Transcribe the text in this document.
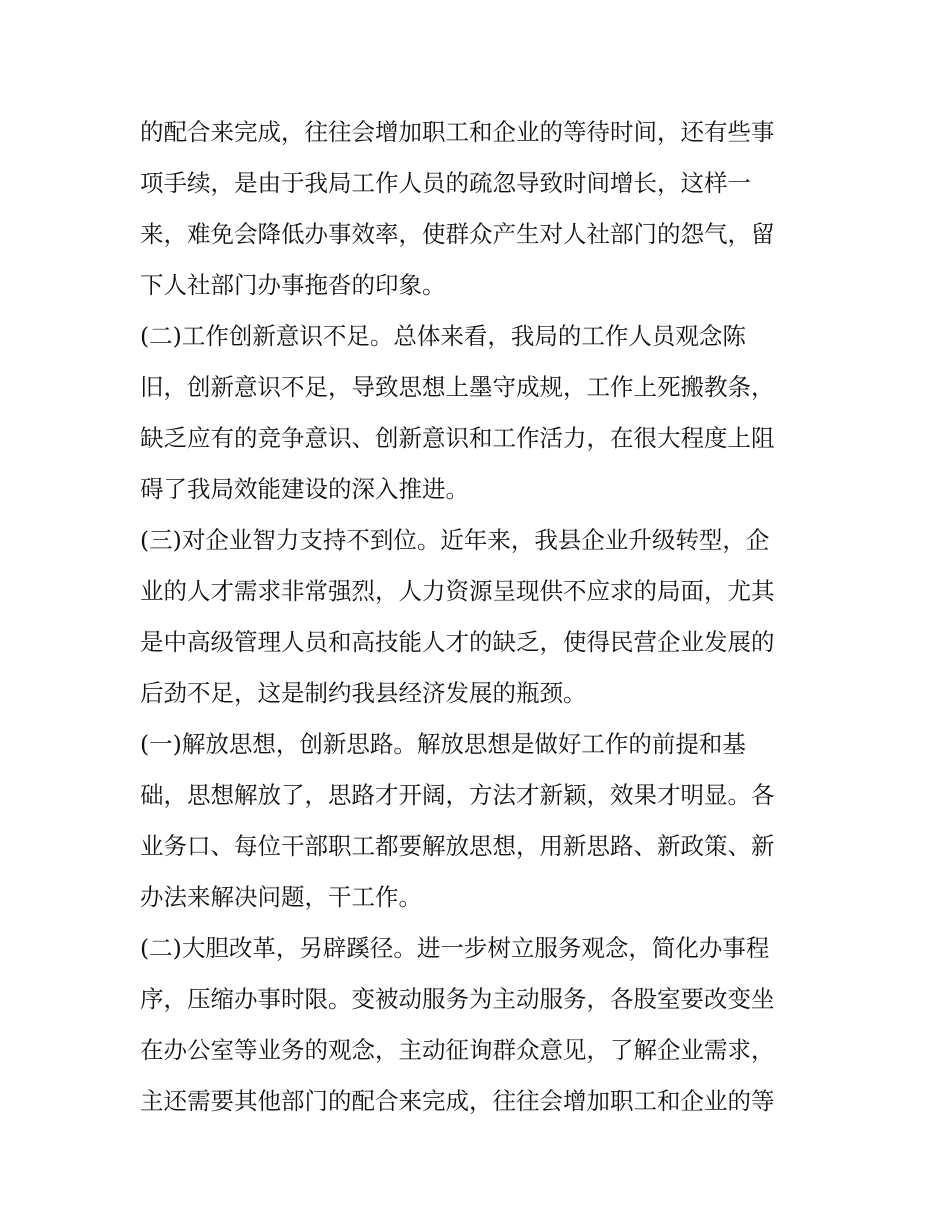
的配合来完成，往往会增加职工和企业的等待时间，还有些事
项手续，是由于我局工作人员的疏忽导致时间增长，这样一
来，难免会降低办事效率，使群众产生对人社部门的怨气，留
下人社部门办事拖沓的印象。
(二)工作创新意识不足。总体来看，我局的工作人员观念陈
旧，创新意识不足，导致思想上墨守成规，工作上死搬教条，
缺乏应有的竞争意识、创新意识和工作活力，在很大程度上阻
碍了我局效能建设的深入推进。
(三)对企业智力支持不到位。近年来，我县企业升级转型，企
业的人才需求非常强烈，人力资源呈现供不应求的局面，尤其
是中高级管理人员和高技能人才的缺乏，使得民营企业发展的
后劲不足，这是制约我县经济发展的瓶颈。
(一)解放思想，创新思路。解放思想是做好工作的前提和基
础，思想解放了，思路才开阔，方法才新颖，效果才明显。各
业务口、每位干部职工都要解放思想，用新思路、新政策、新
办法来解决问题，干工作。
(二)大胆改革，另辟蹊径。进一步树立服务观念，简化办事程
序，压缩办事时限。变被动服务为主动服务，各股室要改变坐
在办公室等业务的观念，主动征询群众意见，了解企业需求，
主还需要其他部门的配合来完成，往往会增加职工和企业的等
